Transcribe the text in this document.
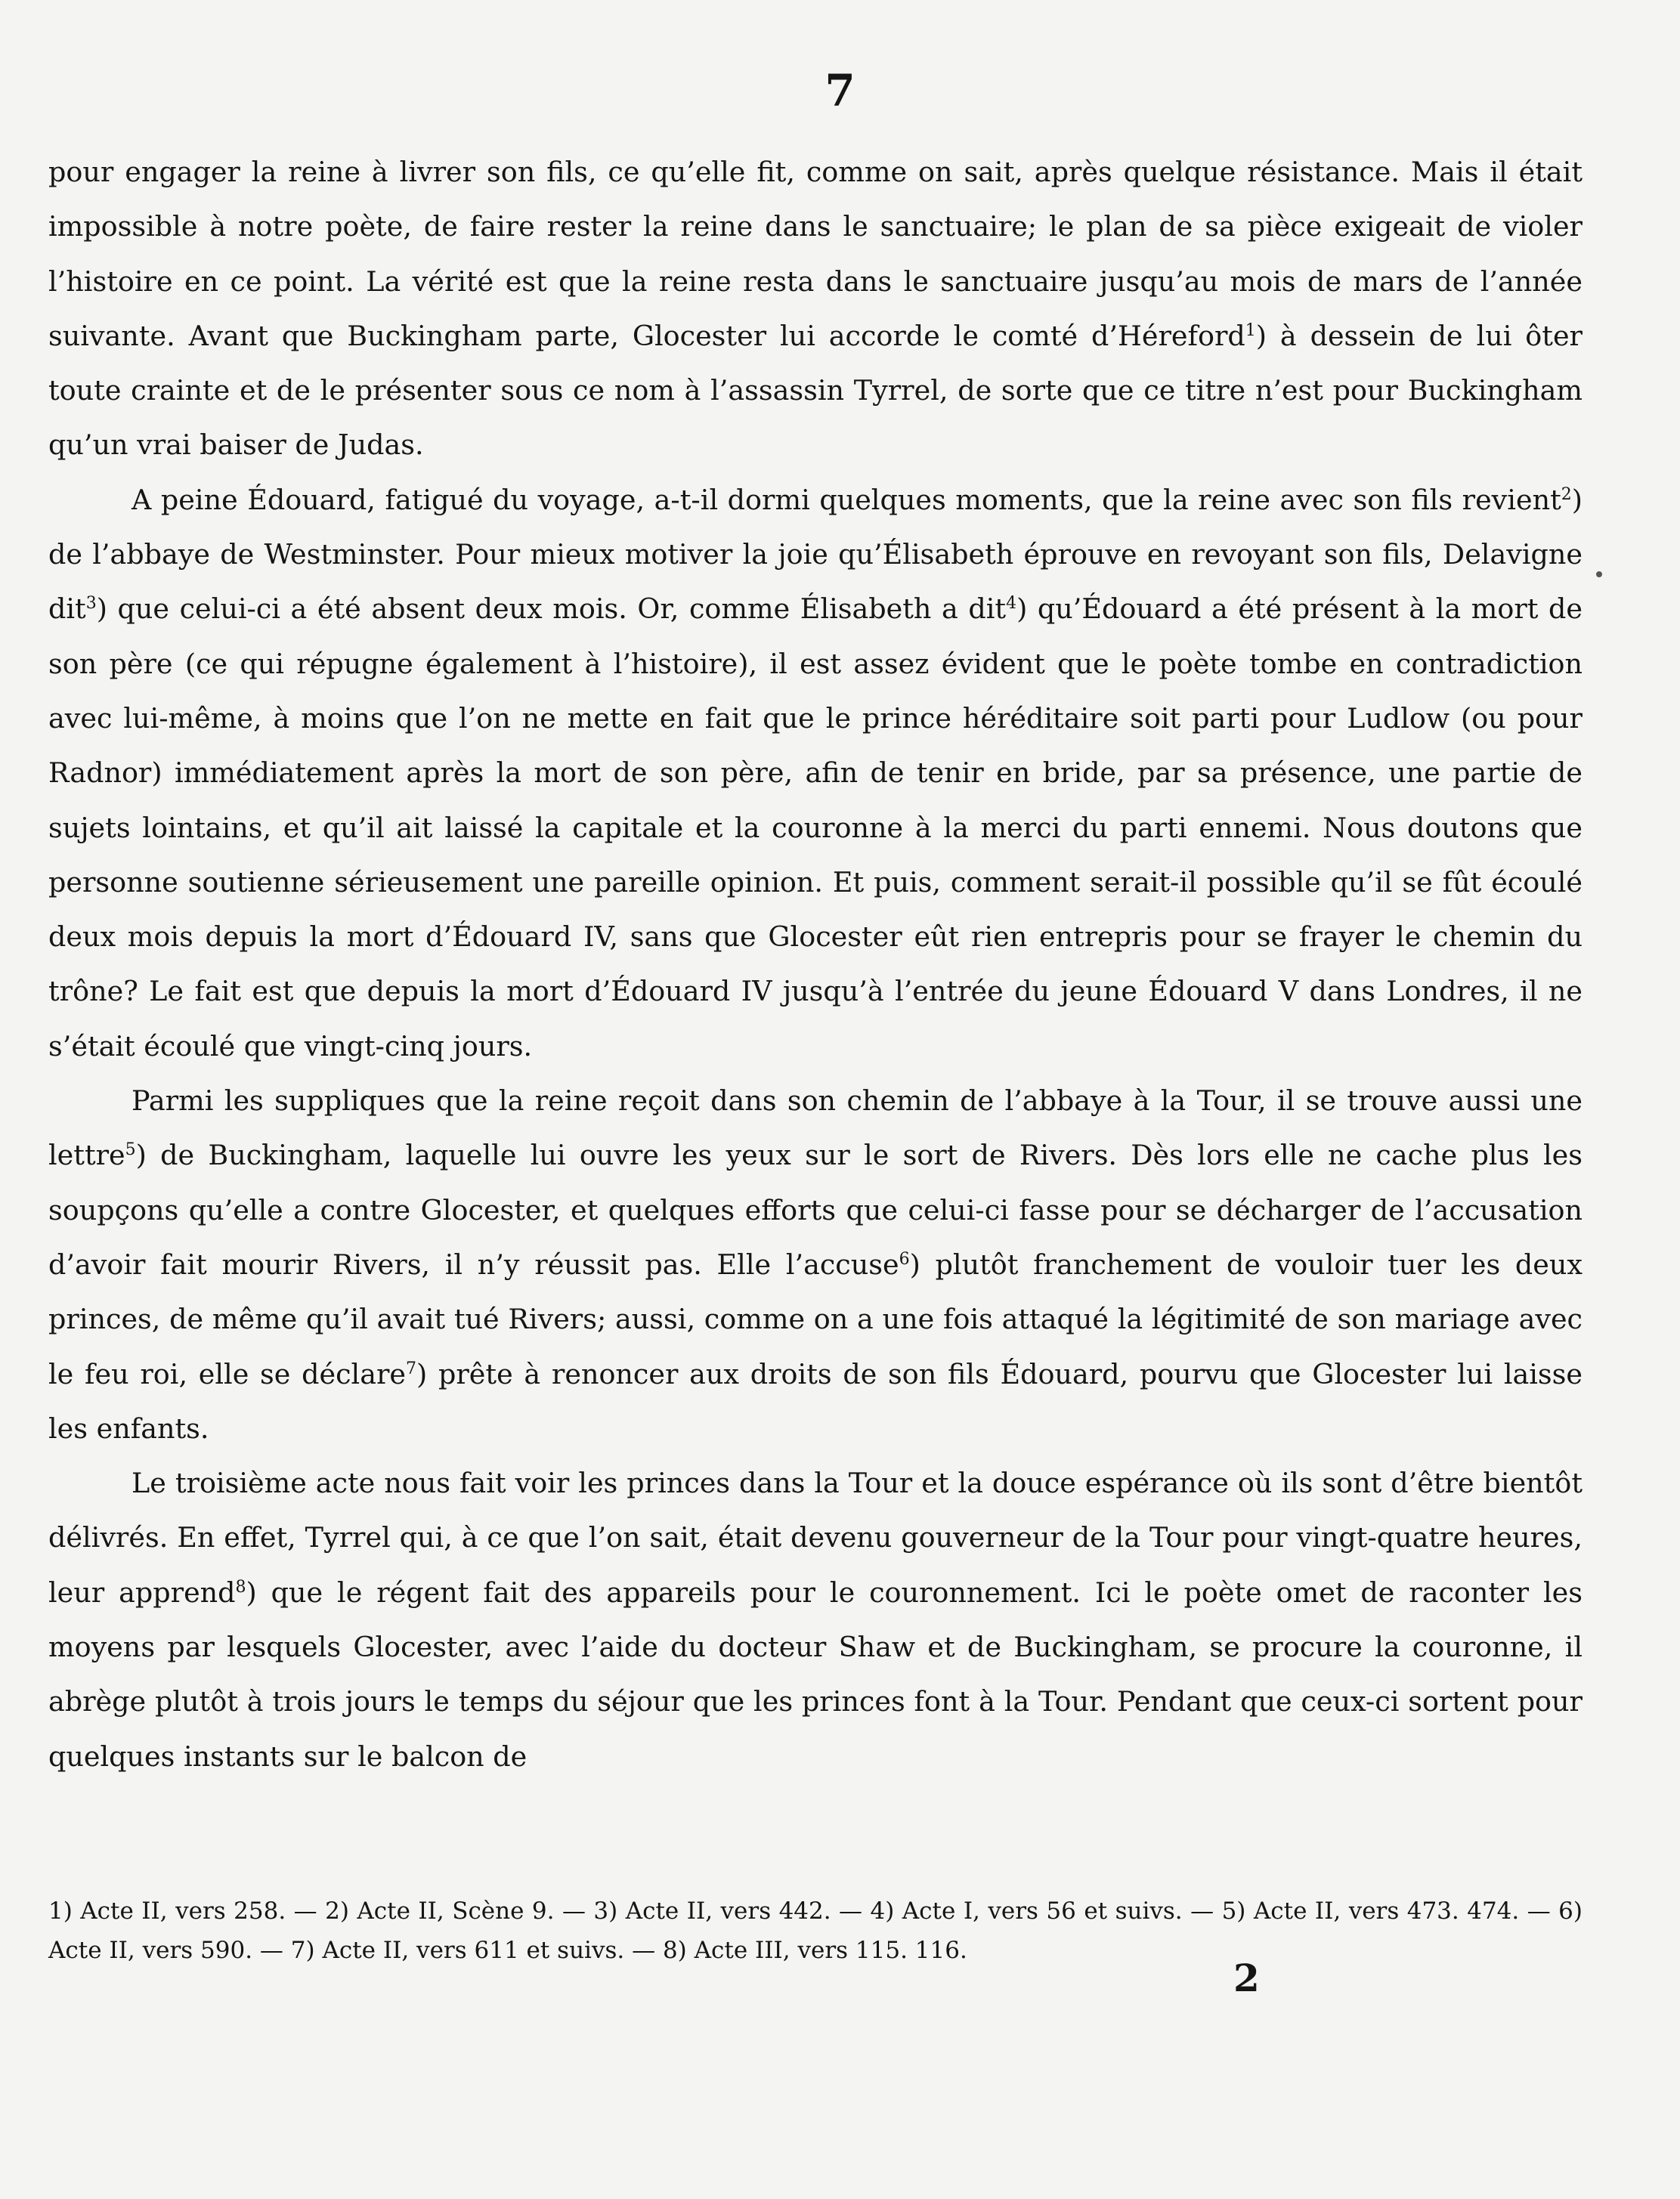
7

pour engager la reine à livrer son fils, ce qu’elle fit, comme on sait, après quelque résistance. Mais il était impossible à notre poète, de faire rester la reine dans le sanctuaire; le plan de sa pièce exigeait de violer l’histoire en ce point. La vérité est que la reine resta dans le sanctuaire jusqu’au mois de mars de l’année suivante. Avant que Buckingham parte, Glocester lui accorde le comté d’Héreford$^1$) à dessein de lui ôter toute crainte et de le présenter sous ce nom à l’assassin Tyrrel, de sorte que ce titre n’est pour Buckingham qu’un vrai baiser de Judas.

A peine Édouard, fatigué du voyage, a-t-il dormi quelques moments, que la reine avec son fils revient$^2$) de l’abbaye de Westminster. Pour mieux motiver la joie qu’Élisabeth éprouve en revoyant son fils, Delavigne dit$^3$) que celui-ci a été absent deux mois. Or, comme Élisabeth a dit$^4$) qu’Édouard a été présent à la mort de son père (ce qui répugne également à l’histoire), il est assez évident que le poète tombe en contradiction avec lui-même, à moins que l’on ne mette en fait que le prince héréditaire soit parti pour Ludlow (ou pour Radnor) immédiatement après la mort de son père, afin de tenir en bride, par sa présence, une partie de sujets lointains, et qu’il ait laissé la capitale et la couronne à la merci du parti ennemi. Nous doutons que personne soutienne sérieusement une pareille opinion. Et puis, comment serait-il possible qu’il se fût écoulé deux mois depuis la mort d’Édouard IV, sans que Glocester eût rien entrepris pour se frayer le chemin du trône? Le fait est que depuis la mort d’Édouard IV jusqu’à l’entrée du jeune Édouard V dans Londres, il ne s’était écoulé que vingt-cinq jours.

Parmi les suppliques que la reine reçoit dans son chemin de l’abbaye à la Tour, il se trouve aussi une lettre$^5$) de Buckingham, laquelle lui ouvre les yeux sur le sort de Rivers. Dès lors elle ne cache plus les soupçons qu’elle a contre Glocester, et quelques efforts que celui-ci fasse pour se décharger de l’accusation d’avoir fait mourir Rivers, il n’y réussit pas. Elle l’accuse$^6$) plutôt franchement de vouloir tuer les deux princes, de même qu’il avait tué Rivers; aussi, comme on a une fois attaqué la légitimité de son mariage avec le feu roi, elle se déclare$^7$) prête à renoncer aux droits de son fils Édouard, pourvu que Glocester lui laisse les enfants.

Le troisième acte nous fait voir les princes dans la Tour et la douce espérance où ils sont d’être bientôt délivrés. En effet, Tyrrel qui, à ce que l’on sait, était devenu gouverneur de la Tour pour vingt-quatre heures, leur apprend$^8$) que le régent fait des appareils pour le couronnement. Ici le poète omet de raconter les moyens par lesquels Glocester, avec l’aide du docteur Shaw et de Buckingham, se procure la couronne, il abrège plutôt à trois jours le temps du séjour que les princes font à la Tour. Pendant que ceux-ci sortent pour quelques instants sur le balcon de

1) Acte II, vers 258. — 2) Acte II, Scène 9. — 3) Acte II, vers 442. — 4) Acte I, vers 56 et suivs. — 5) Acte II, vers 473. 474. — 6) Acte II, vers 590. — 7) Acte II, vers 611 et suivs. — 8) Acte III, vers 115. 116.
2
